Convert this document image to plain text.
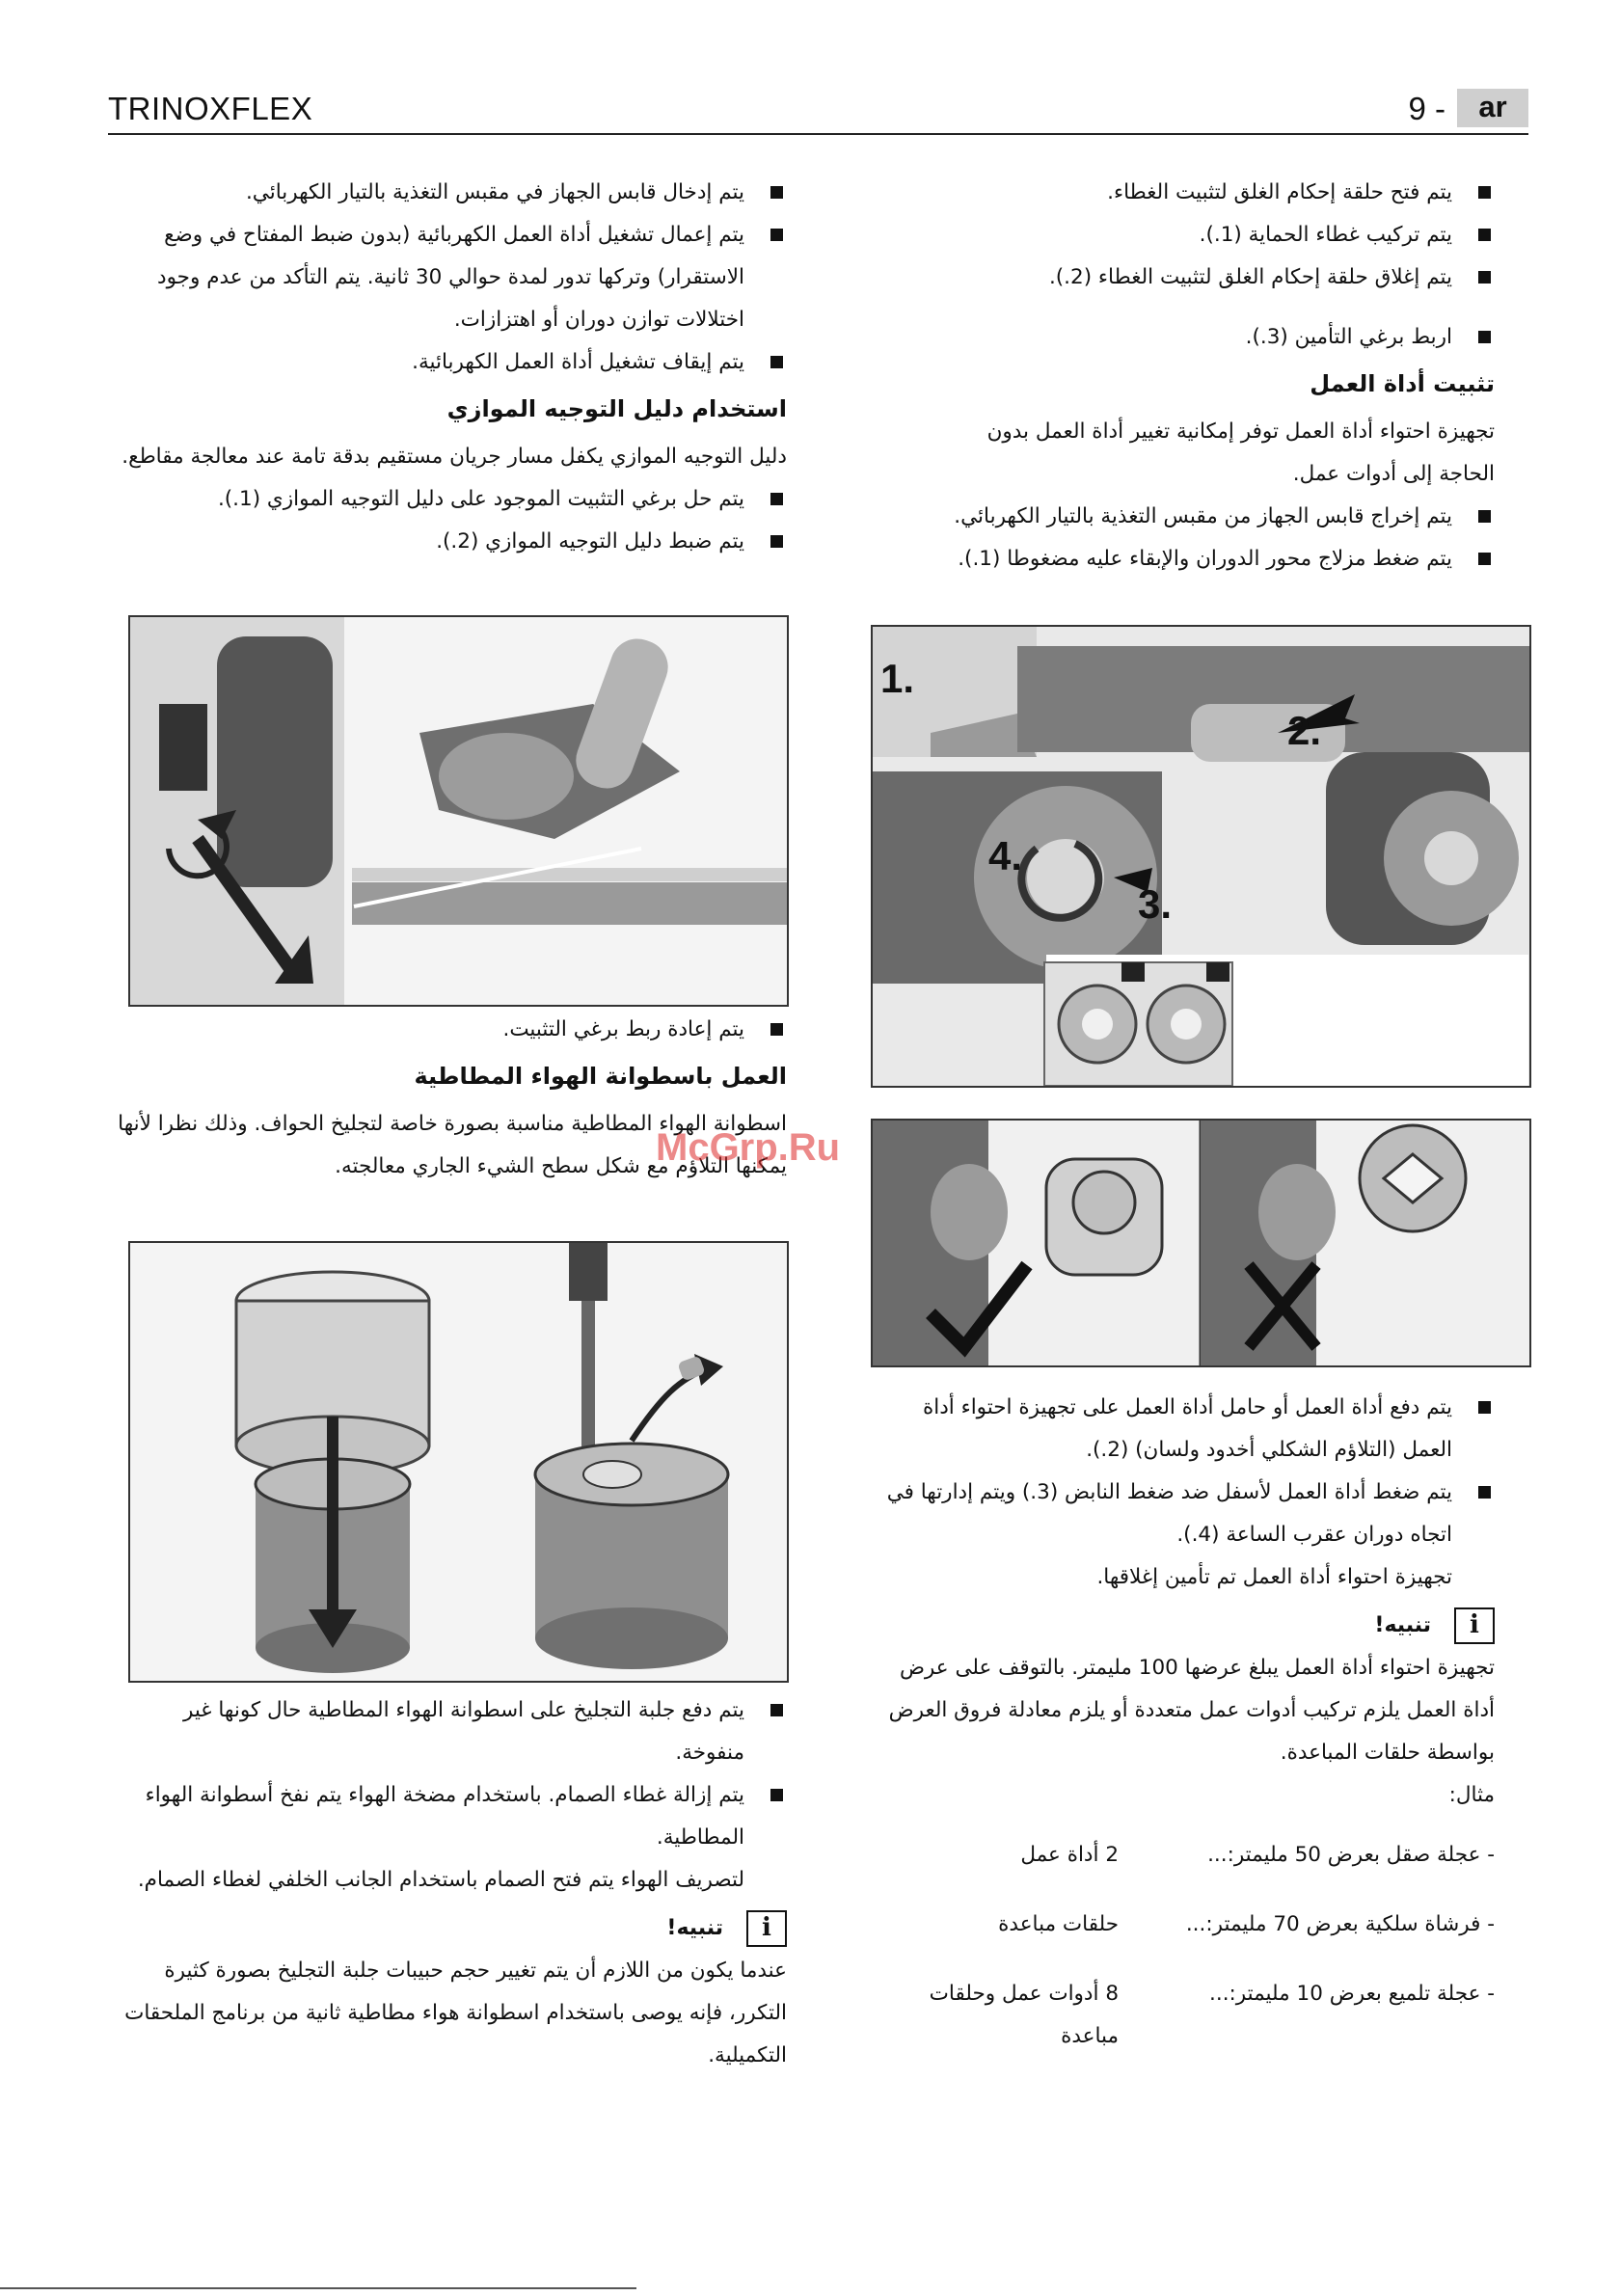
TRINOXFLEX	9 -	ar
يتم فتح حلقة إحكام الغلق لتثبيت الغطاء.
يتم تركيب غطاء الحماية (1.).
يتم إغلاق حلقة إحكام الغلق لتثبيت الغطاء (2.).
اربط برغي التأمين (3.).
تثبيت أداة العمل

تجهيزة احتواء أداة العمل توفر إمكانية تغيير أداة العمل بدون

الحاجة إلى أدوات عمل.

يتم إخراج قابس الجهاز من مقبس التغذية بالتيار الكهربائي.
يتم ضغط مزلاج محور الدوران والإبقاء عليه مضغوطا (1.).
1.
2.
3.
4.
يتم دفع أداة العمل أو حامل أداة العمل على تجهيزة احتواء أداة العمل (التلاؤم الشكلي أخدود ولسان) (2.).
يتم ضغط أداة العمل لأسفل ضد ضغط النابض (3.) ويتم إدارتها في اتجاه دوران عقرب الساعة (4.).

تجهيزة احتواء أداة العمل تم تأمين إغلاقها.

i
تنبيه!

تجهيزة احتواء أداة العمل يبلغ عرضها 100 مليمتر. بالتوقف على عرض أداة العمل يلزم تركيب أدوات عمل متعددة أو يلزم معادلة فروق العرض بواسطة حلقات المباعدة.

مثال:

- عجلة صقل بعرض 50 مليمتر:...	2 أداة عمل
- فرشاة سلكية بعرض 70 مليمتر:...	حلقات مباعدة
- عجلة تلميع بعرض 10 مليمتر:...	8 أدوات عمل وحلقات مباعدة
يتم إدخال قابس الجهاز في مقبس التغذية بالتيار الكهربائي.
يتم إعمال تشغيل أداة العمل الكهربائية (بدون ضبط المفتاح في وضع الاستقرار) وتركها تدور لمدة حوالي 30 ثانية. يتم التأكد من عدم وجود اختلالات توازن دوران أو اهتزازات.
يتم إيقاف تشغيل أداة العمل الكهربائية.
استخدام دليل التوجيه الموازي

دليل التوجيه الموازي يكفل مسار جريان مستقيم بدقة تامة عند معالجة مقاطع.

يتم حل برغي التثبيت الموجود على دليل التوجيه الموازي (1.).
يتم ضبط دليل التوجيه الموازي (2.).
يتم إعادة ربط برغي التثبيت.
العمل باسطوانة الهواء المطاطية

اسطوانة الهواء المطاطية مناسبة بصورة خاصة لتجليخ الحواف. وذلك نظرا لأنها يمكنها التلاؤم مع شكل سطح الشيء الجاري معالجته.

يتم دفع جلبة التجليخ على اسطوانة الهواء المطاطية حال كونها غير منفوخة.
يتم إزالة غطاء الصمام. باستخدام مضخة الهواء يتم نفخ أسطوانة الهواء المطاطية.

لتصريف الهواء يتم فتح الصمام باستخدام الجانب الخلفي لغطاء الصمام.

i
تنبيه!

عندما يكون من اللازم أن يتم تغيير حجم حبيبات جلبة التجليخ بصورة كثيرة التكرر، فإنه يوصى باستخدام اسطوانة هواء مطاطية ثانية من برنامج الملحقات التكميلية.

McGrp.Ru
